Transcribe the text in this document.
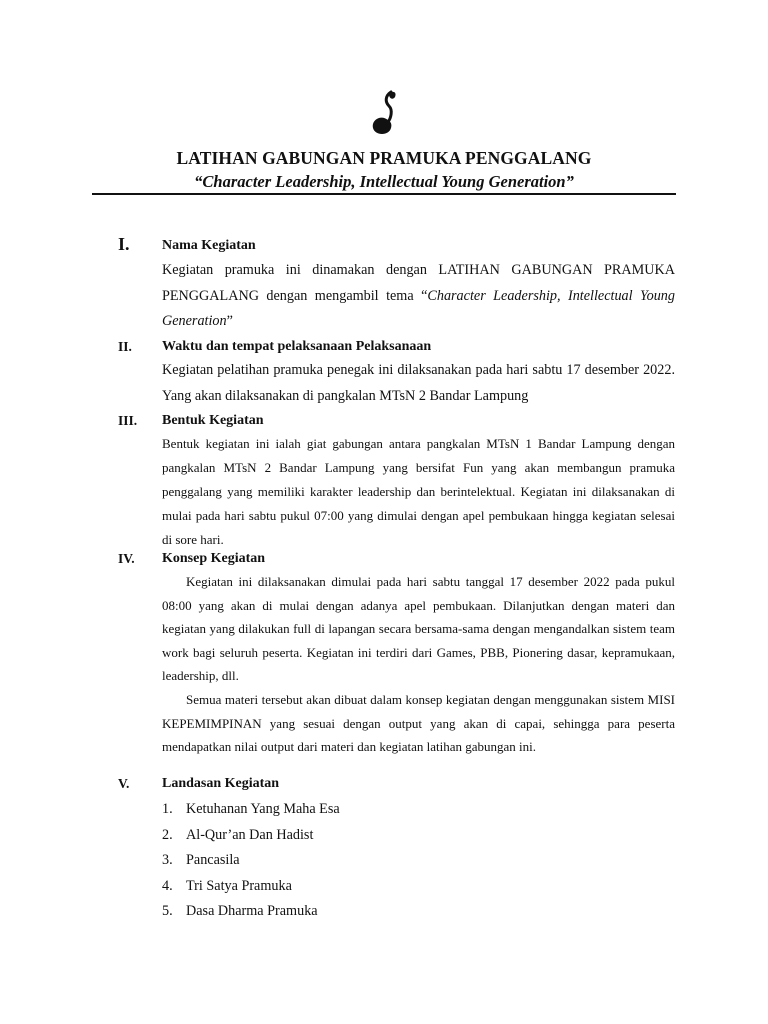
LATIHAN GABUNGAN PRAMUKA PENGGALANG
“Character Leadership, Intellectual Young Generation”
I. Nama Kegiatan
Kegiatan pramuka ini dinamakan dengan LATIHAN GABUNGAN PRAMUKA PENGGALANG dengan mengambil tema “Character Leadership, Intellectual Young Generation”
II. Waktu dan tempat pelaksanaan Pelaksanaan
Kegiatan pelatihan pramuka penegak ini dilaksanakan pada hari sabtu 17 desember 2022. Yang akan dilaksanakan di pangkalan MTsN 2 Bandar Lampung
III. Bentuk Kegiatan
Bentuk kegiatan ini ialah giat gabungan antara pangkalan MTsN 1 Bandar Lampung dengan pangkalan MTsN 2 Bandar Lampung yang bersifat Fun yang akan membangun pramuka penggalang yang memiliki karakter leadership dan berintelektual. Kegiatan ini dilaksanakan di mulai pada hari sabtu pukul 07:00 yang dimulai dengan apel pembukaan hingga kegiatan selesai di sore hari.
IV. Konsep Kegiatan
Kegiatan ini dilaksanakan dimulai pada hari sabtu tanggal 17 desember 2022 pada pukul 08:00 yang akan di mulai dengan adanya apel pembukaan. Dilanjutkan dengan materi dan kegiatan yang dilakukan full di lapangan secara bersama-sama dengan mengandalkan sistem team work bagi seluruh peserta. Kegiatan ini terdiri dari Games, PBB, Pionering dasar, kepramukaan, leadership, dll.
Semua materi tersebut akan dibuat dalam konsep kegiatan dengan menggunakan sistem MISI KEPEMIMPINAN yang sesuai dengan output yang akan di capai, sehingga para peserta mendapatkan nilai output dari materi dan kegiatan latihan gabungan ini.
V. Landasan Kegiatan
1. Ketuhanan Yang Maha Esa
2. Al-Qur’an Dan Hadist
3. Pancasila
4. Tri Satya Pramuka
5. Dasa Dharma Pramuka
